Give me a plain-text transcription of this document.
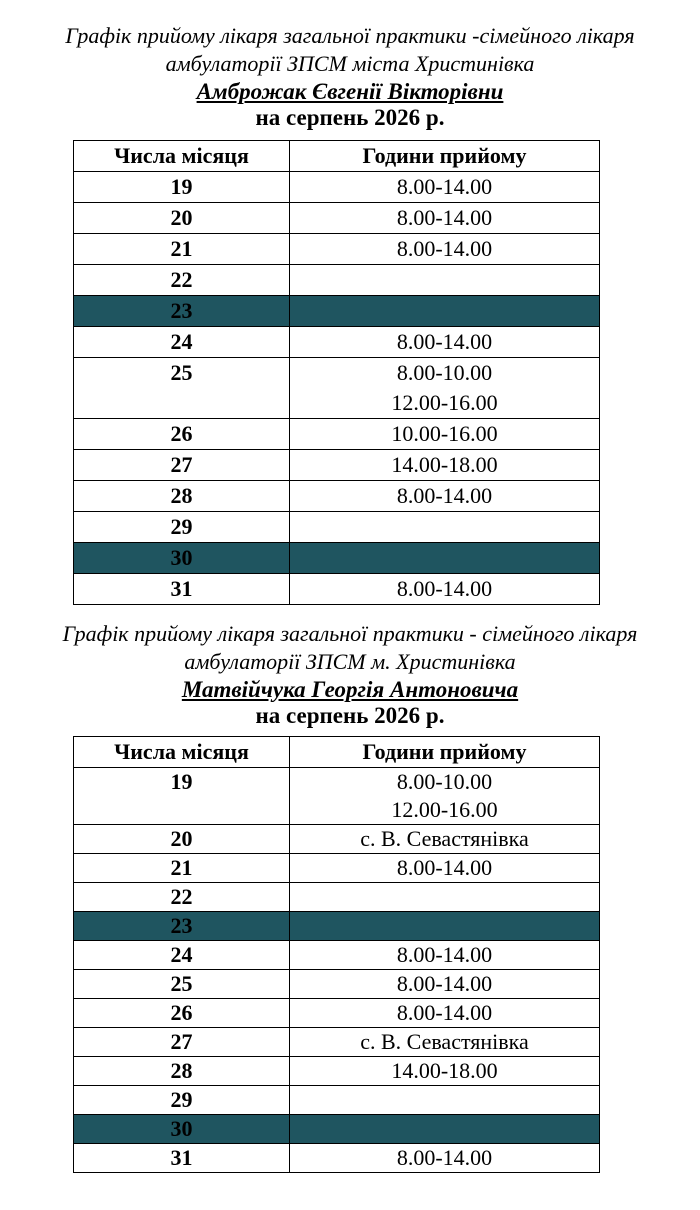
Графік прийому лікаря загальної практики -сімейного лікаря

амбулаторії ЗПСМ міста Христинівка

Амброжак Євгенії Вікторівни

на серпень 2026 р.

Числа місяця	Години прийому
19	8.00-14.00

20	8.00-14.00

21	8.00-14.00

22	
23	
24	8.00-14.00

25	8.00-10.00
12.00-16.00

26	10.00-16.00

27	14.00-18.00

28	8.00-14.00

29	
30	
31	8.00-14.00

Графік прийому лікаря загальної практики - сімейного лікаря

амбулаторії ЗПСМ м. Христинівка

Матвійчука Георгія Антоновича

на серпень 2026 р.

Числа місяця	Години прийому
19	8.00-10.00
12.00-16.00

20	с. В. Севастянівка

21	8.00-14.00

22	
23	
24	8.00-14.00

25	8.00-14.00

26	8.00-14.00

27	с. В. Севастянівка

28	14.00-18.00

29	
30	
31	8.00-14.00
